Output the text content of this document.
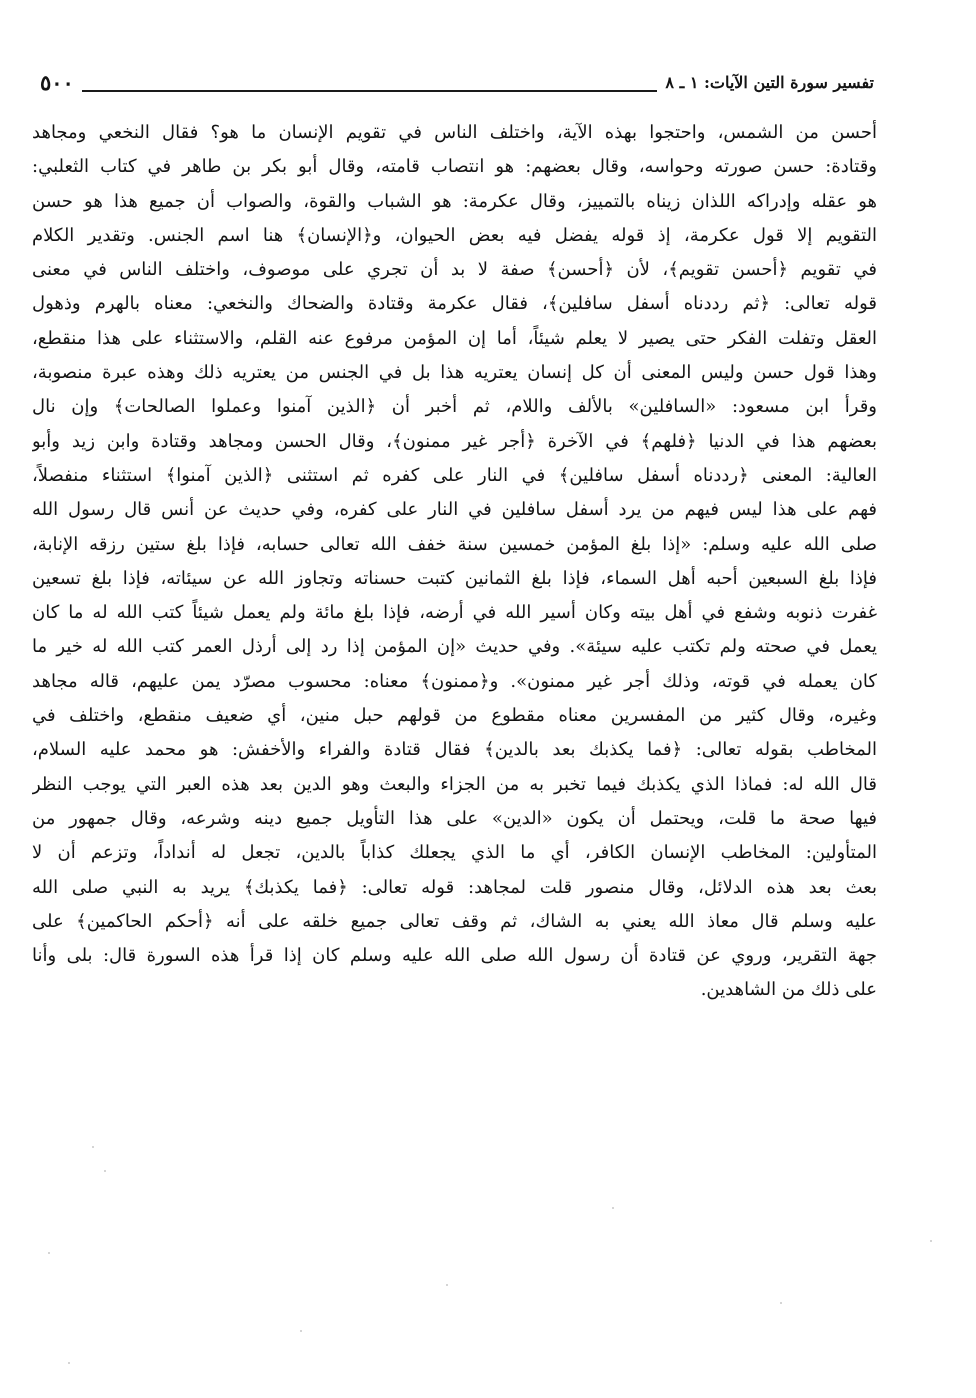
تفسير سورة التين الآيات: ١ ـ ٨
٥٠٠
أحسن من الشمس، واحتجوا بهذه الآية، واختلف الناس في تقويم الإنسان ما هو؟ فقال النخعي ومجاهد
وقتادة: حسن صورته وحواسه، وقال بعضهم: هو انتصاب قامته، وقال أبو بكر بن طاهر في كتاب الثعلبي:
هو عقله وإدراكه اللذان زيناه بالتمييز، وقال عكرمة: هو الشباب والقوة، والصواب أن جميع هذا هو حسن
التقويم إلا قول عكرمة، إذ قوله يفضل فيه بعض الحيوان، و﴿الإنسان﴾ هنا اسم الجنس. وتقدير الكلام
في تقويم ﴿أحسن تقويم﴾، لأن ﴿أحسن﴾ صفة لا بد أن تجري على موصوف، واختلف الناس في معنى
قوله تعالى: ﴿ثم رددناه أسفل سافلين﴾، فقال عكرمة وقتادة والضحاك والنخعي: معناه بالهرم وذهول
العقل وتفلت الفكر حتى يصير لا يعلم شيئاً، أما إن المؤمن مرفوع عنه القلم، والاستثناء على هذا منقطع،
وهذا قول حسن وليس المعنى أن كل إنسان يعتريه هذا بل في الجنس من يعتريه ذلك وهذه عبرة منصوبة،
وقرأ ابن مسعود: «السافلين» بالألف واللام، ثم أخبر أن ﴿الذين آمنوا وعملوا الصالحات﴾ وإن نال
بعضهم هذا في الدنيا ﴿فلهم﴾ في الآخرة ﴿أجر غير ممنون﴾، وقال الحسن ومجاهد وقتادة وابن زيد وأبو
العالية: المعنى ﴿رددناه أسفل سافلين﴾ في النار على كفره ثم استثنى ﴿الذين آمنوا﴾ استثناء منفصلاً،
فهم على هذا ليس فيهم من يرد أسفل سافلين في النار على كفره، وفي حديث عن أنس قال رسول الله
صلى الله عليه وسلم: «إذا بلغ المؤمن خمسين سنة خفف الله تعالى حسابه، فإذا بلغ ستين رزقه الإنابة،
فإذا بلغ السبعين أحبه أهل السماء، فإذا بلغ الثمانين كتبت حسناته وتجاوز الله عن سيئاته، فإذا بلغ تسعين
غفرت ذنوبه وشفع في أهل بيته وكان أسير الله في أرضه، فإذا بلغ مائة ولم يعمل شيئاً كتب الله له ما كان
يعمل في صحته ولم تكتب عليه سيئة». وفي حديث «إن المؤمن إذا رد إلى أرذل العمر كتب الله له خير ما
كان يعمله في قوته، وذلك أجر غير ممنون». و﴿ممنون﴾ معناه: محسوب مصرّد يمن عليهم، قاله مجاهد
وغيره، وقال كثير من المفسرين معناه مقطوع من قولهم حبل منين، أي ضعيف منقطع، واختلف في
المخاطب بقوله تعالى: ﴿فما يكذبك بعد بالدين﴾ فقال قتادة والفراء والأخفش: هو محمد عليه السلام،
قال الله له: فماذا الذي يكذبك فيما تخبر به من الجزاء والبعث وهو الدين بعد هذه العبر التي يوجب النظر
فيها صحة ما قلت، ويحتمل أن يكون «الدين» على هذا التأويل جميع دينه وشرعه، وقال جمهور من
المتأولين: المخاطب الإنسان الكافر، أي ما الذي يجعلك كذاباً بالدين، تجعل له أنداداً، وتزعم أن لا
بعث بعد هذه الدلائل، وقال منصور قلت لمجاهد: قوله تعالى: ﴿فما يكذبك﴾ يريد به النبي صلى الله
عليه وسلم قال معاذ الله يعني به الشاك، ثم وقف تعالى جميع خلقه على أنه ﴿أحكم الحاكمين﴾ على
جهة التقرير، وروي عن قتادة أن رسول الله صلى الله عليه وسلم كان إذا قرأ هذه السورة قال: بلى وأنا
على ذلك من الشاهدين.
